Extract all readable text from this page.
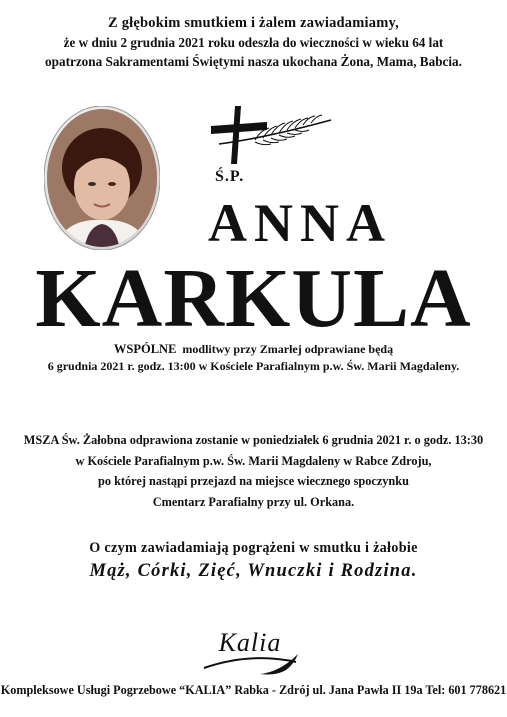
Z głębokim smutkiem i żalem zawiadamiamy,
że w dniu 2 grudnia 2021 roku odeszła do wieczności w wieku 64 lat
opatrzona Sakramentami Świętymi nasza ukochana Żona, Mama, Babcia.
Ś.P.
ANNA
KARKULA
WSPÓLNE modlitwy przy Zmarłej odprawiane będą
6 grudnia 2021 r. godz. 13:00 w Kościele Parafialnym p.w. Św. Marii Magdaleny.
MSZA Św. Żałobna odprawiona zostanie w poniedziałek 6 grudnia 2021 r. o godz. 13:30
w Kościele Parafialnym p.w. Św. Marii Magdaleny w Rabce Zdroju,
po której nastąpi przejazd na miejsce wiecznego spoczynku
Cmentarz Parafialny przy ul. Orkana.
O czym zawiadamiają pogrążeni w smutku i żałobie
Mąż, Córki, Zięć, Wnuczki i Rodzina.
Kalia
Kompleksowe Usługi Pogrzebowe “KALIA” Rabka - Zdrój ul. Jana Pawła II 19a Tel: 601 778621
